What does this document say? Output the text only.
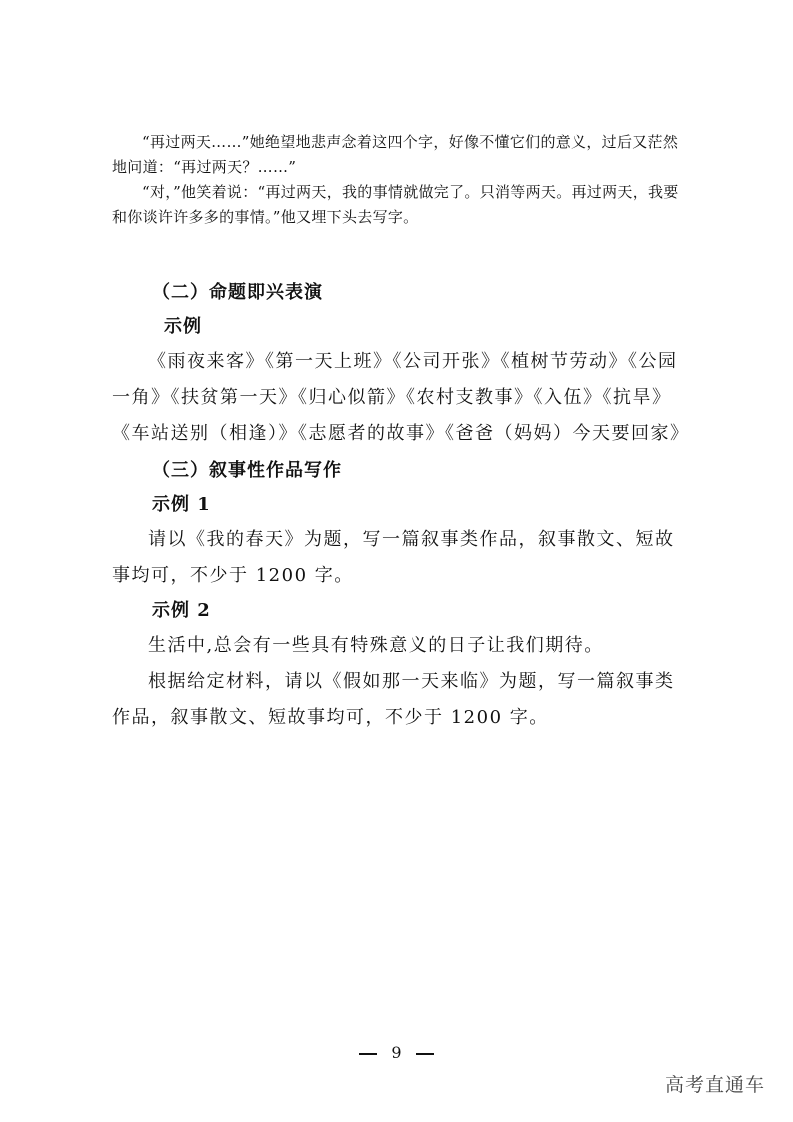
“再过两天……”她绝望地悲声念着这四个字，好像不懂它们的意义，过后又茫然地问道：“再过两天？……”

“对，”他笑着说：“再过两天，我的事情就做完了。只消等两天。再过两天，我要和你谈许许多多的事情。”他又埋下头去写字。

（二）命题即兴表演

示例

《雨夜来客》《第一天上班》《公司开张》《植树节劳动》《公园

一角》《扶贫第一天》《归心似箭》《农村支教事》《入伍》《抗旱》

《车站送别（相逢）》《志愿者的故事》《爸爸（妈妈）今天要回家》

（三）叙事性作品写作

示例 1

请以《我的春天》为题，写一篇叙事类作品，叙事散文、短故事均可，不少于 1200 字。

示例 2

生活中,总会有一些具有特殊意义的日子让我们期待。

根据给定材料，请以《假如那一天来临》为题，写一篇叙事类作品，叙事散文、短故事均可，不少于 1200 字。

9
高考直通车
